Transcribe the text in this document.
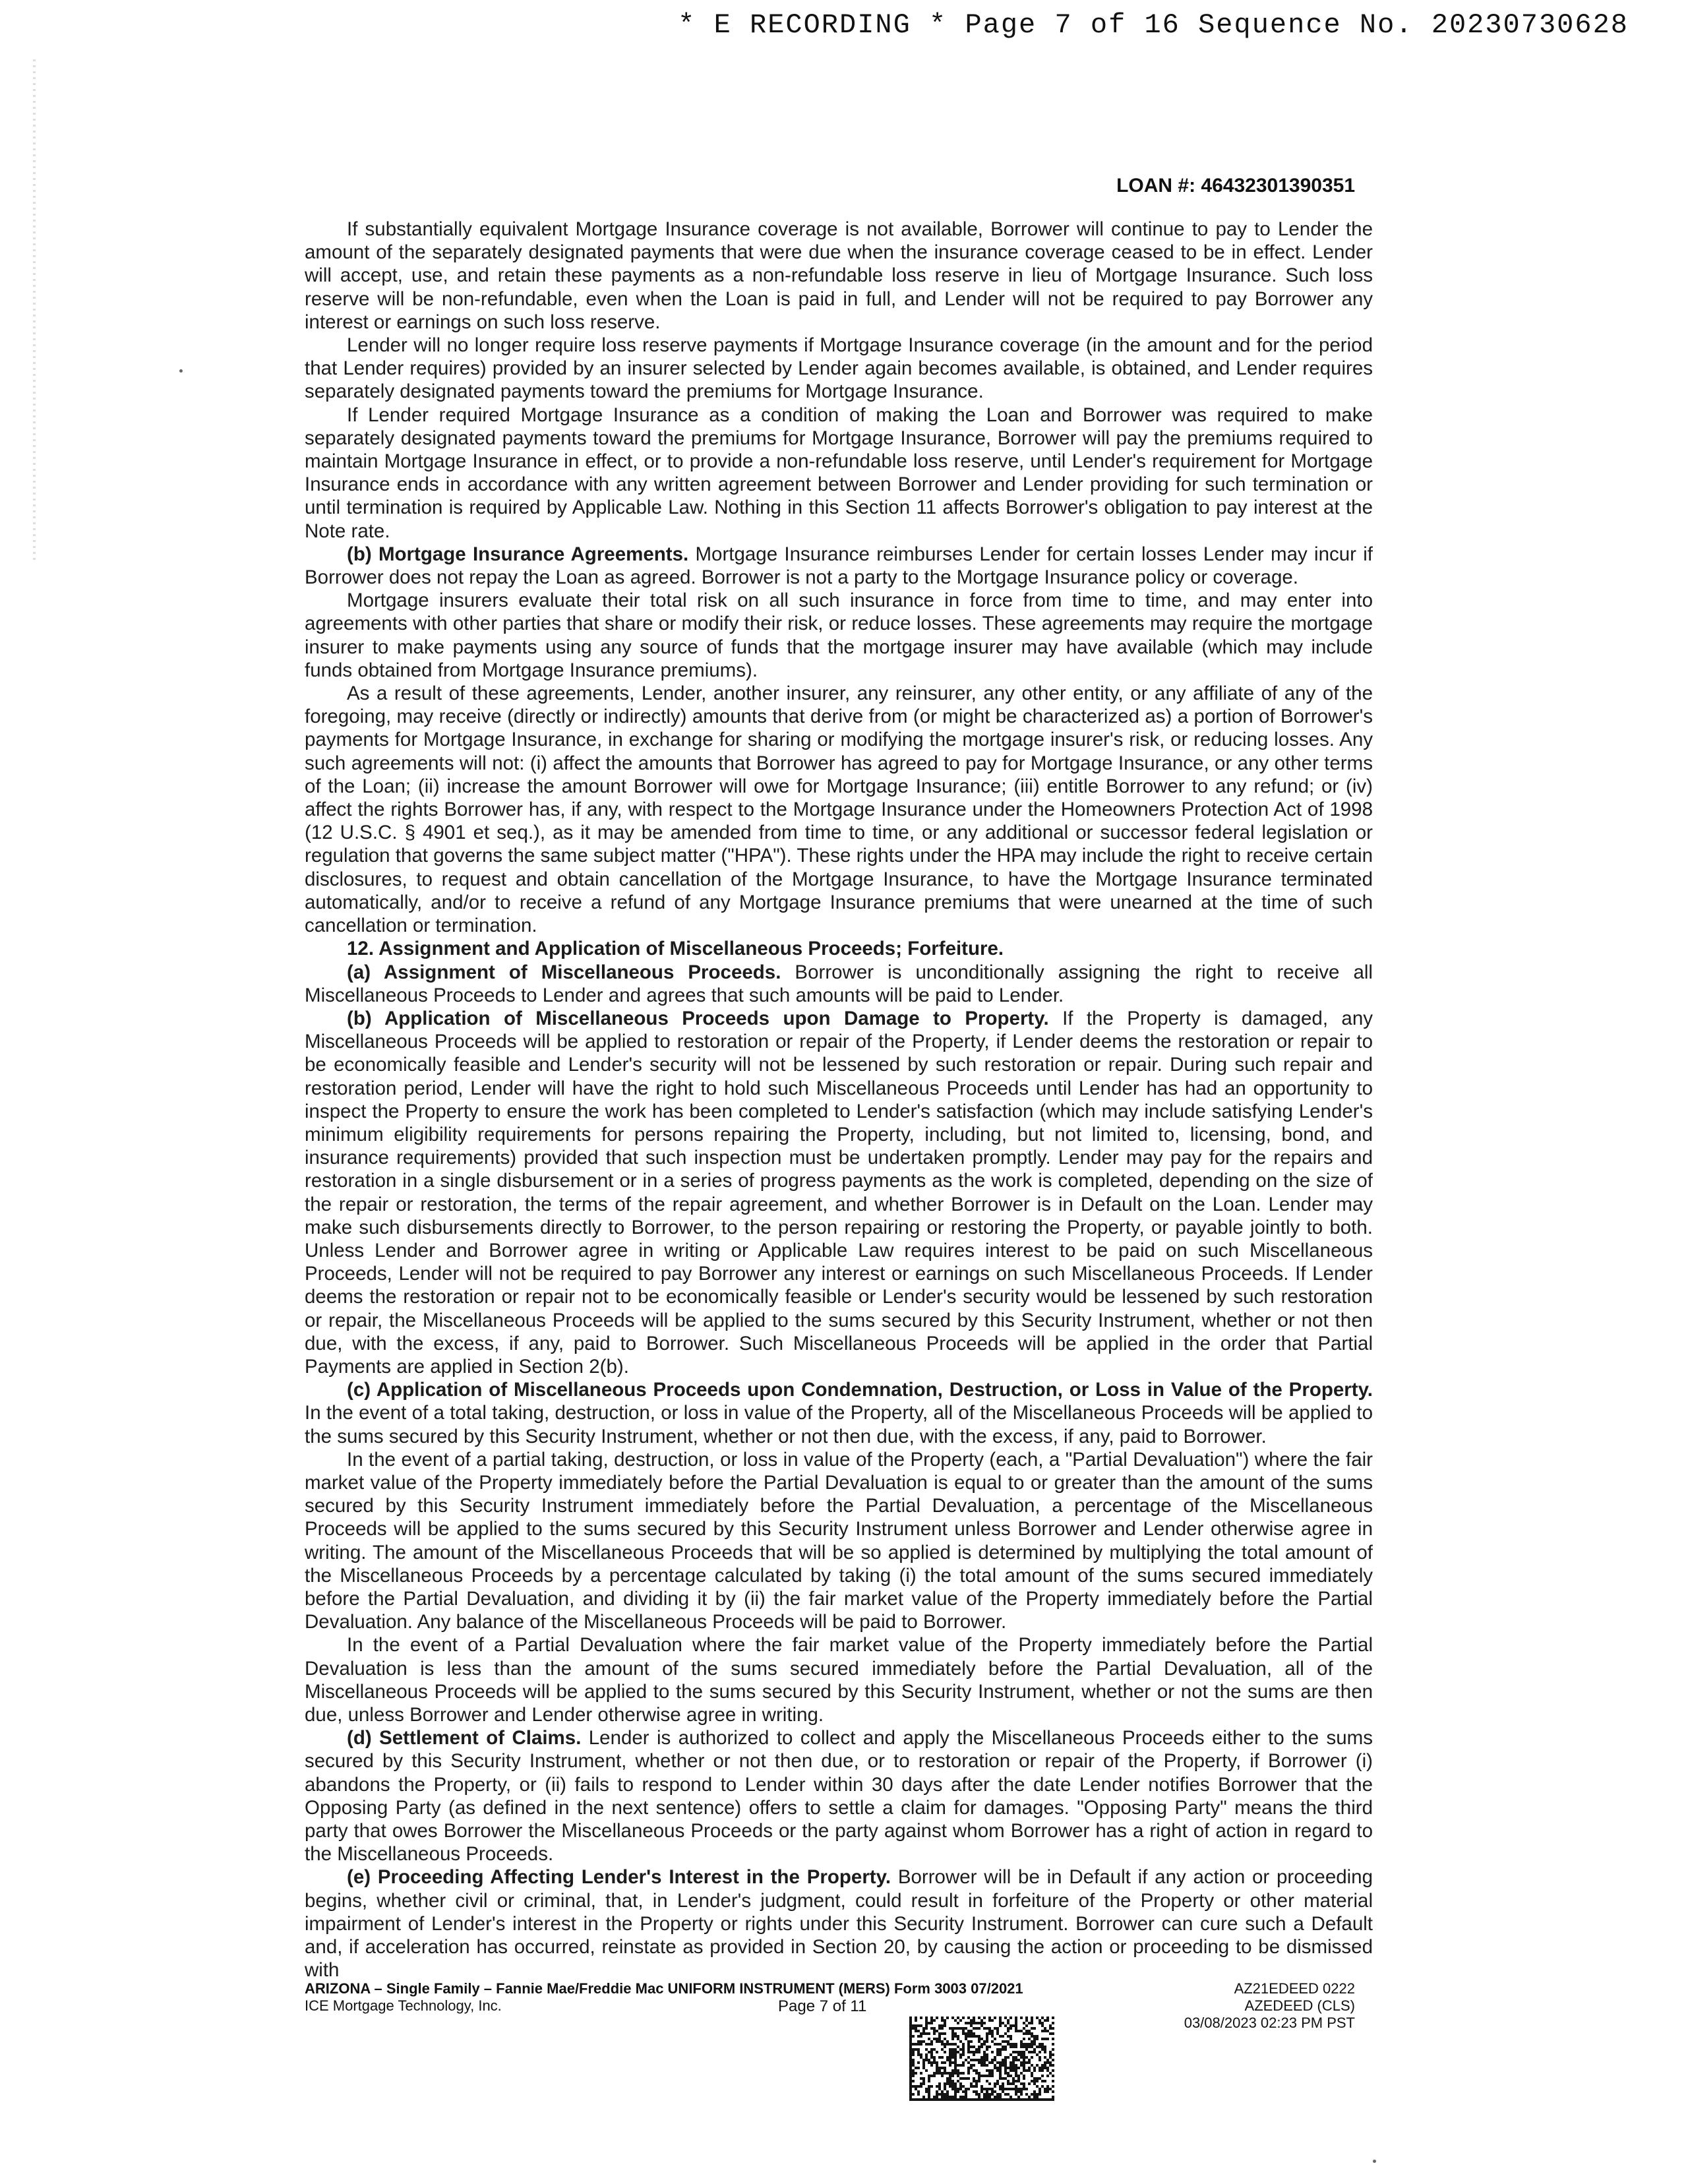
* E RECORDING * Page 7 of 16 Sequence No. 20230730628
LOAN #: 46432301390351

If substantially equivalent Mortgage Insurance coverage is not available, Borrower will continue to pay to Lender the amount of the separately designated payments that were due when the insurance coverage ceased to be in effect. Lender will accept, use, and retain these payments as a non-refundable loss reserve in lieu of Mortgage Insurance. Such loss reserve will be non-refundable, even when the Loan is paid in full, and Lender will not be required to pay Borrower any interest or earnings on such loss reserve.

Lender will no longer require loss reserve payments if Mortgage Insurance coverage (in the amount and for the period that Lender requires) provided by an insurer selected by Lender again becomes available, is obtained, and Lender requires separately designated payments toward the premiums for Mortgage Insurance.

If Lender required Mortgage Insurance as a condition of making the Loan and Borrower was required to make separately designated payments toward the premiums for Mortgage Insurance, Borrower will pay the premiums required to maintain Mortgage Insurance in effect, or to provide a non-refundable loss reserve, until Lender's requirement for Mortgage Insurance ends in accordance with any written agreement between Borrower and Lender providing for such termination or until termination is required by Applicable Law. Nothing in this Section 11 affects Borrower's obligation to pay interest at the Note rate.

(b) Mortgage Insurance Agreements. Mortgage Insurance reimburses Lender for certain losses Lender may incur if Borrower does not repay the Loan as agreed. Borrower is not a party to the Mortgage Insurance policy or coverage.

Mortgage insurers evaluate their total risk on all such insurance in force from time to time, and may enter into agreements with other parties that share or modify their risk, or reduce losses. These agreements may require the mortgage insurer to make payments using any source of funds that the mortgage insurer may have available (which may include funds obtained from Mortgage Insurance premiums).

As a result of these agreements, Lender, another insurer, any reinsurer, any other entity, or any affiliate of any of the foregoing, may receive (directly or indirectly) amounts that derive from (or might be characterized as) a portion of Borrower's payments for Mortgage Insurance, in exchange for sharing or modifying the mortgage insurer's risk, or reducing losses. Any such agreements will not: (i) affect the amounts that Borrower has agreed to pay for Mortgage Insurance, or any other terms of the Loan; (ii) increase the amount Borrower will owe for Mortgage Insurance; (iii) entitle Borrower to any refund; or (iv) affect the rights Borrower has, if any, with respect to the Mortgage Insurance under the Homeowners Protection Act of 1998 (12 U.S.C. § 4901 et seq.), as it may be amended from time to time, or any additional or successor federal legislation or regulation that governs the same subject matter ("HPA"). These rights under the HPA may include the right to receive certain disclosures, to request and obtain cancellation of the Mortgage Insurance, to have the Mortgage Insurance terminated automatically, and/or to receive a refund of any Mortgage Insurance premiums that were unearned at the time of such cancellation or termination.

12. Assignment and Application of Miscellaneous Proceeds; Forfeiture.

(a) Assignment of Miscellaneous Proceeds. Borrower is unconditionally assigning the right to receive all Miscellaneous Proceeds to Lender and agrees that such amounts will be paid to Lender.

(b) Application of Miscellaneous Proceeds upon Damage to Property. If the Property is damaged, any Miscellaneous Proceeds will be applied to restoration or repair of the Property, if Lender deems the restoration or repair to be economically feasible and Lender's security will not be lessened by such restoration or repair. During such repair and restoration period, Lender will have the right to hold such Miscellaneous Proceeds until Lender has had an opportunity to inspect the Property to ensure the work has been completed to Lender's satisfaction (which may include satisfying Lender's minimum eligibility requirements for persons repairing the Property, including, but not limited to, licensing, bond, and insurance requirements) provided that such inspection must be undertaken promptly. Lender may pay for the repairs and restoration in a single disbursement or in a series of progress payments as the work is completed, depending on the size of the repair or restoration, the terms of the repair agreement, and whether Borrower is in Default on the Loan. Lender may make such disbursements directly to Borrower, to the person repairing or restoring the Property, or payable jointly to both. Unless Lender and Borrower agree in writing or Applicable Law requires interest to be paid on such Miscellaneous Proceeds, Lender will not be required to pay Borrower any interest or earnings on such Miscellaneous Proceeds. If Lender deems the restoration or repair not to be economically feasible or Lender's security would be lessened by such restoration or repair, the Miscellaneous Proceeds will be applied to the sums secured by this Security Instrument, whether or not then due, with the excess, if any, paid to Borrower. Such Miscellaneous Proceeds will be applied in the order that Partial Payments are applied in Section 2(b).

(c) Application of Miscellaneous Proceeds upon Condemnation, Destruction, or Loss in Value of the Property. In the event of a total taking, destruction, or loss in value of the Property, all of the Miscellaneous Proceeds will be applied to the sums secured by this Security Instrument, whether or not then due, with the excess, if any, paid to Borrower.

In the event of a partial taking, destruction, or loss in value of the Property (each, a "Partial Devaluation") where the fair market value of the Property immediately before the Partial Devaluation is equal to or greater than the amount of the sums secured by this Security Instrument immediately before the Partial Devaluation, a percentage of the Miscellaneous Proceeds will be applied to the sums secured by this Security Instrument unless Borrower and Lender otherwise agree in writing. The amount of the Miscellaneous Proceeds that will be so applied is determined by multiplying the total amount of the Miscellaneous Proceeds by a percentage calculated by taking (i) the total amount of the sums secured immediately before the Partial Devaluation, and dividing it by (ii) the fair market value of the Property immediately before the Partial Devaluation. Any balance of the Miscellaneous Proceeds will be paid to Borrower.

In the event of a Partial Devaluation where the fair market value of the Property immediately before the Partial Devaluation is less than the amount of the sums secured immediately before the Partial Devaluation, all of the Miscellaneous Proceeds will be applied to the sums secured by this Security Instrument, whether or not the sums are then due, unless Borrower and Lender otherwise agree in writing.

(d) Settlement of Claims. Lender is authorized to collect and apply the Miscellaneous Proceeds either to the sums secured by this Security Instrument, whether or not then due, or to restoration or repair of the Property, if Borrower (i) abandons the Property, or (ii) fails to respond to Lender within 30 days after the date Lender notifies Borrower that the Opposing Party (as defined in the next sentence) offers to settle a claim for damages. "Opposing Party" means the third party that owes Borrower the Miscellaneous Proceeds or the party against whom Borrower has a right of action in regard to the Miscellaneous Proceeds.

(e) Proceeding Affecting Lender's Interest in the Property. Borrower will be in Default if any action or proceeding begins, whether civil or criminal, that, in Lender's judgment, could result in forfeiture of the Property or other material impairment of Lender's interest in the Property or rights under this Security Instrument. Borrower can cure such a Default and, if acceleration has occurred, reinstate as provided in Section 20, by causing the action or proceeding to be dismissed with

ARIZONA – Single Family – Fannie Mae/Freddie Mac UNIFORM INSTRUMENT (MERS) Form 3003 07/2021
ICE Mortgage Technology, Inc.	Page 7 of 11
AZ21EDEED 0222
AZEDEED (CLS)
03/08/2023 02:23 PM PST
